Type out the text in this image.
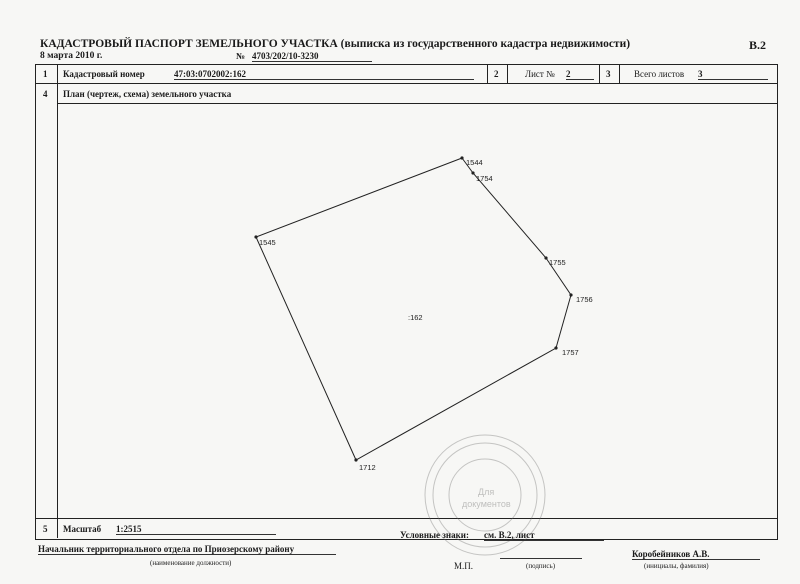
КАДАСТРОВЫЙ ПАСПОРТ ЗЕМЕЛЬНОГО УЧАСТКА (выписка из государственного кадастра недвижимости)	В.2
8 марта 2010 г.	№ 4703/202/10-3230
1 Кадастровый номер	47:03:0702002:162	2	Лист № 2	3	Всего листов 3
4 План (чертеж, схема) земельного участка
1544
1754
1755
1756
1757
1712
1545
:162
Для
документов
5 Масштаб 1:2515
Условные знаки: см. В.2, лист
Начальник территориального отдела по Приозерскому району
(наименование должности)	М.П.	(подпись)
Коробейников А.В.
(инициалы, фамилия)
